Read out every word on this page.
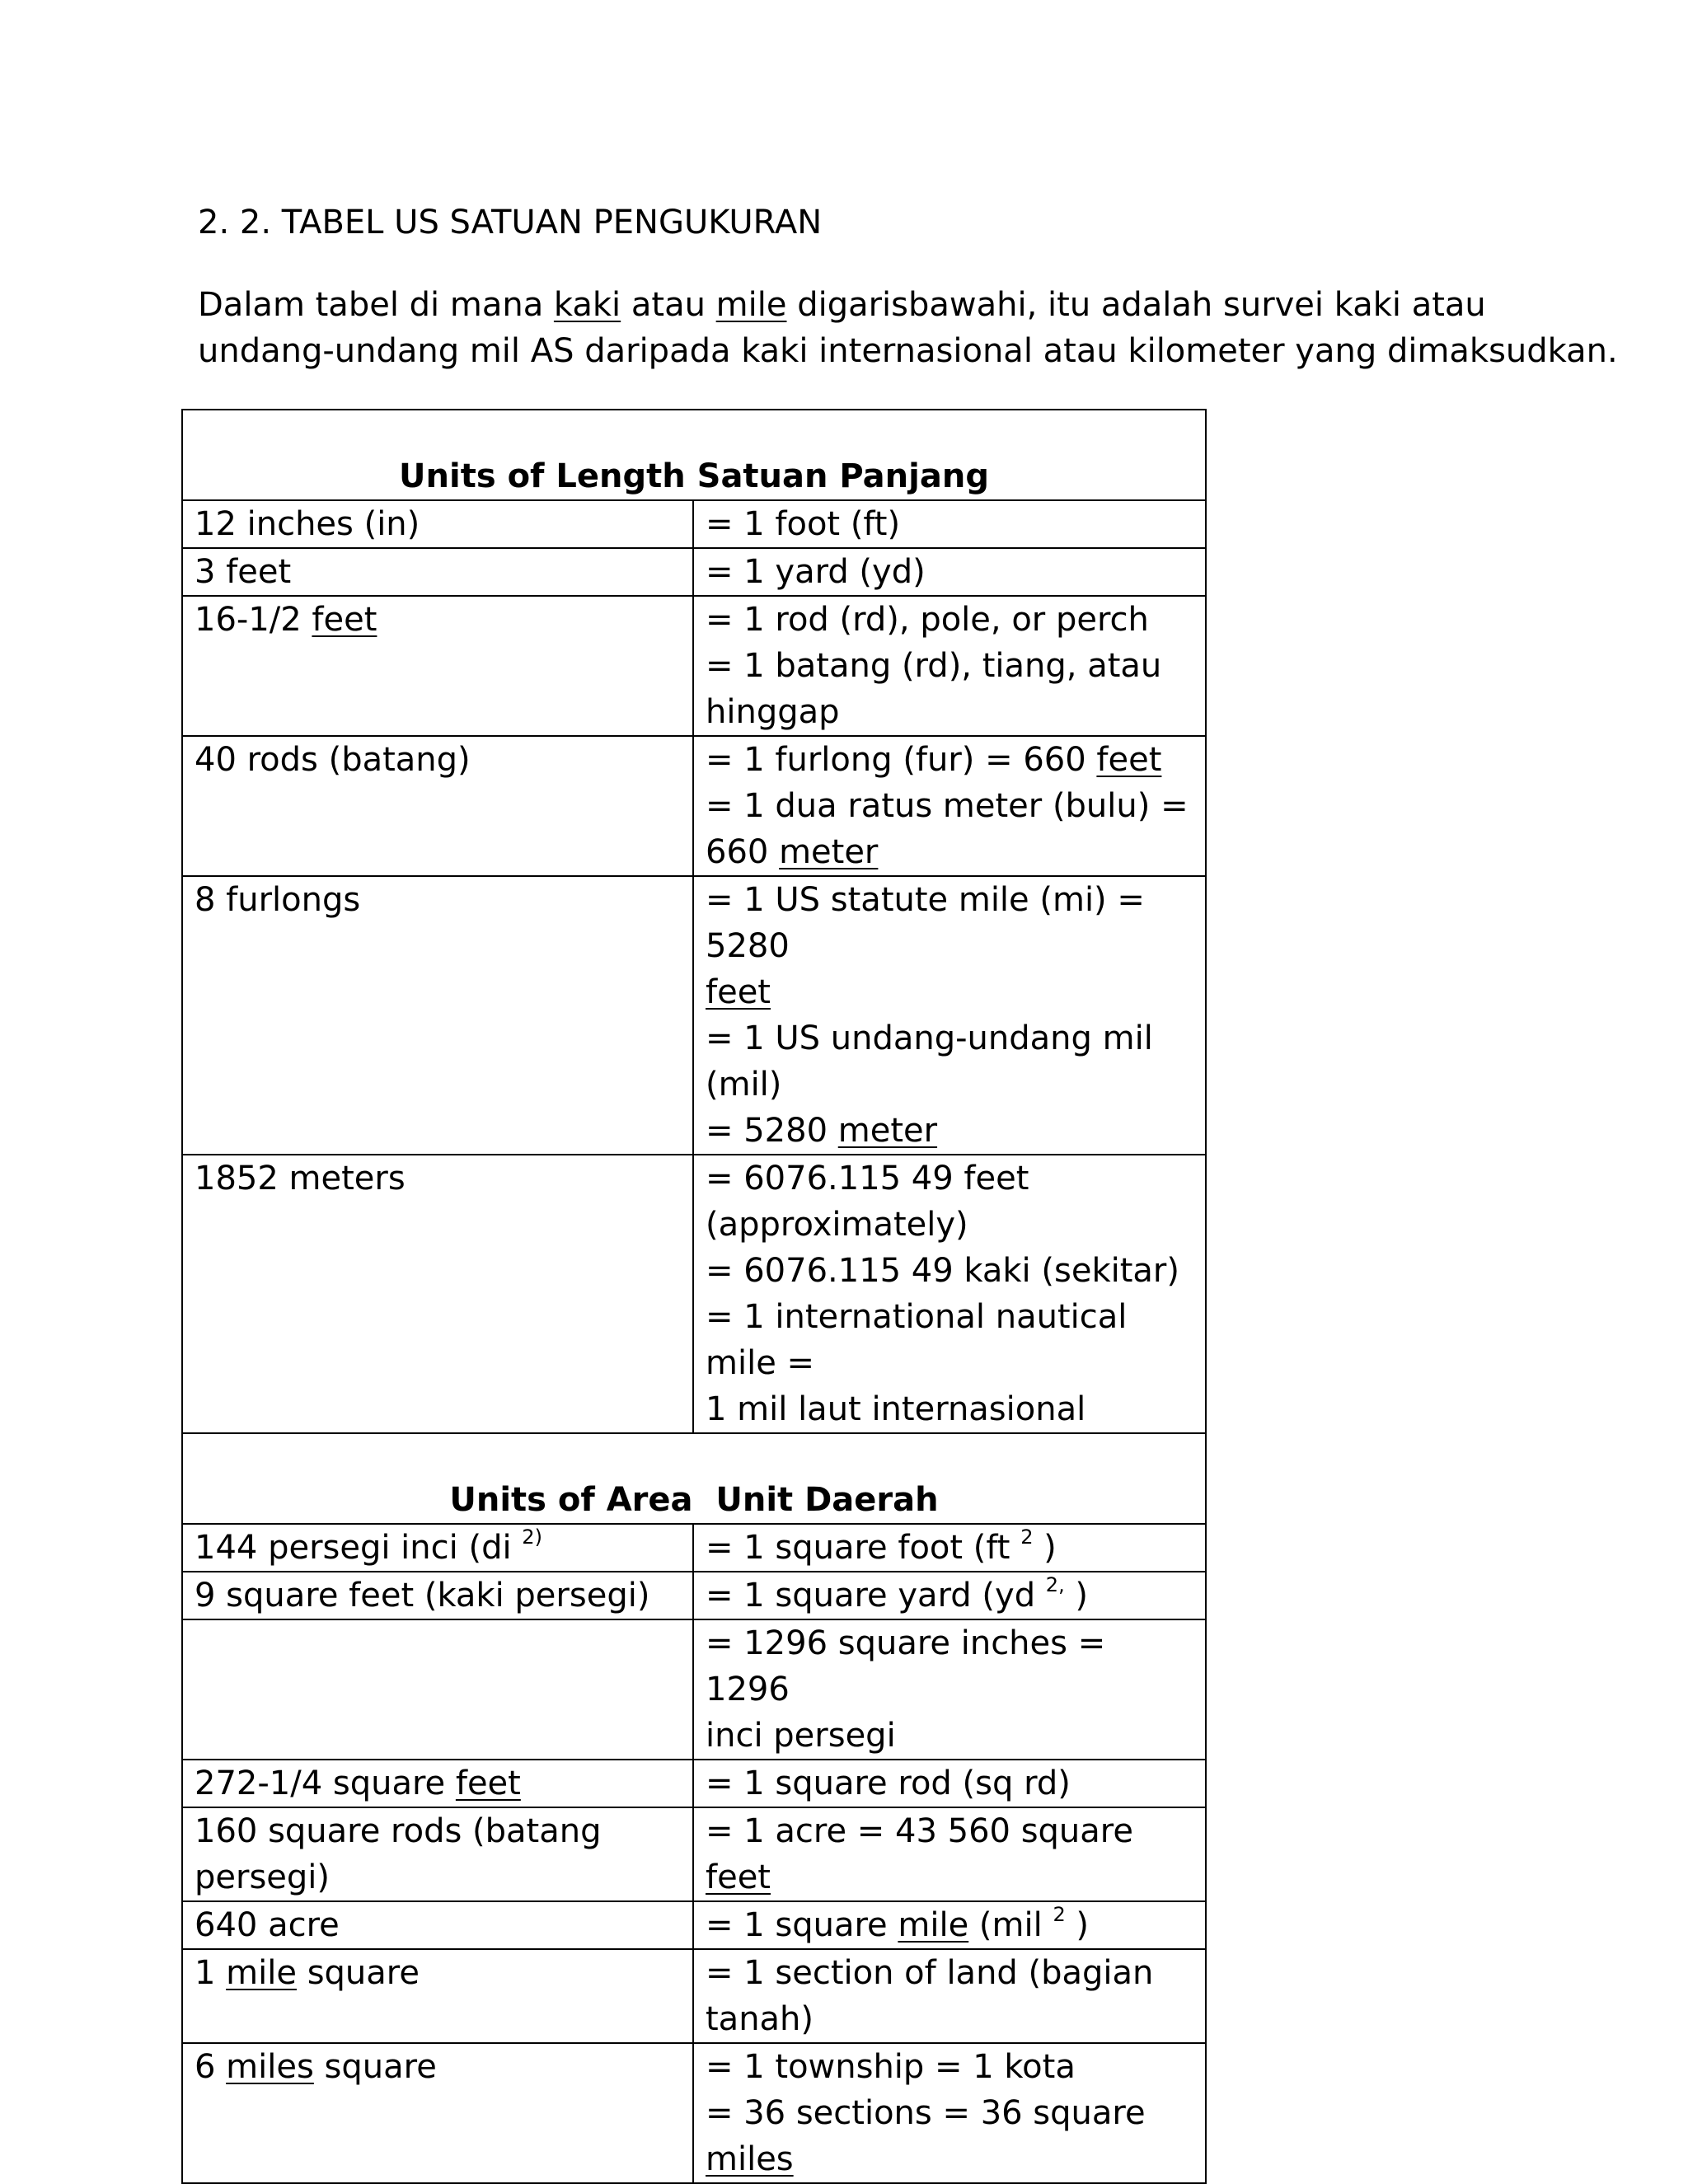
2. 2. TABEL US SATUAN PENGUKURAN
Dalam tabel di mana kaki atau mile digarisbawahi, itu adalah survei kaki atau
undang-undang mil AS daripada kaki internasional atau kilometer yang dimaksudkan.
Units of Length Satuan Panjang	
12 inches (in)	= 1 foot (ft)
3 feet	= 1 yard (yd)
16-1/2 feet	= 1 rod (rd), pole, or perch
= 1 batang (rd), tiang, atau
hinggap

40 rods (batang)	= 1 furlong (fur) = 660 feet
= 1 dua ratus meter (bulu) =
660 meter

8 furlongs	= 1 US statute mile (mi) = 5280
feet
= 1 US undang-undang mil (mil)
= 5280 meter

1852 meters	= 6076.115 49 feet
(approximately)
= 6076.115 49 kaki (sekitar)
= 1 international nautical mile =
1 mil laut internasional

Units of Area  Unit Daerah	
144 persegi inci (di $^{2)}$	= 1 square foot (ft $^2$ )
9 square feet (kaki persegi)	= 1 square yard (yd $^{2,}$ )

	= 1296 square inches = 1296
inci persegi

272-1/4 square feet	= 1 square rod (sq rd)

160 square rods (batang
persegi)	= 1 acre = 43 560 square feet
640 acre	= 1 square mile (mil $^2$ )
1 mile square	= 1 section of land (bagian
tanah)

6 miles square	= 1 township = 1 kota
= 36 sections = 36 square miles
